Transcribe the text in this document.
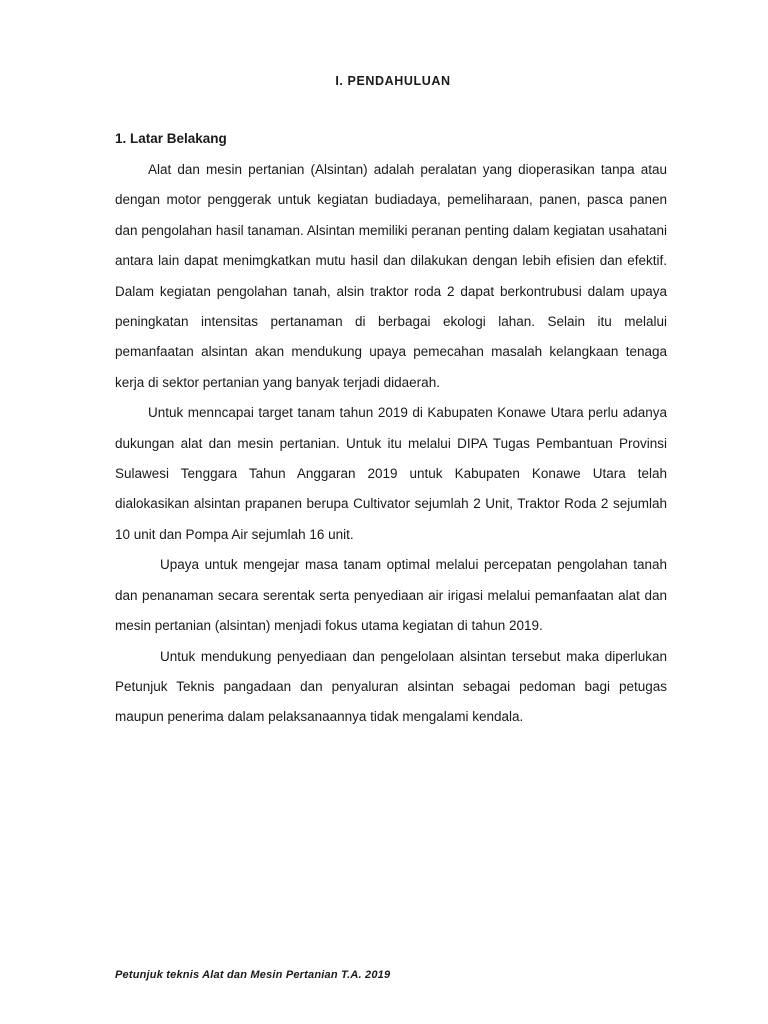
I. PENDAHULUAN
1. Latar Belakang

Alat dan mesin pertanian (Alsintan) adalah peralatan yang dioperasikan tanpa atau dengan motor penggerak untuk kegiatan budiadaya, pemeliharaan, panen, pasca panen dan pengolahan hasil tanaman. Alsintan memiliki peranan penting dalam kegiatan usahatani antara lain dapat menimgkatkan mutu hasil dan dilakukan dengan lebih efisien dan efektif. Dalam kegiatan pengolahan tanah, alsin traktor roda 2 dapat berkontrubusi dalam upaya peningkatan intensitas pertanaman di berbagai ekologi lahan. Selain itu melalui pemanfaatan alsintan akan mendukung upaya pemecahan masalah kelangkaan tenaga kerja di sektor pertanian yang banyak terjadi didaerah.

Untuk menncapai target tanam tahun 2019 di Kabupaten Konawe Utara perlu adanya dukungan alat dan mesin pertanian. Untuk itu melalui DIPA Tugas Pembantuan Provinsi Sulawesi Tenggara Tahun Anggaran 2019 untuk Kabupaten Konawe Utara telah dialokasikan alsintan prapanen berupa Cultivator sejumlah 2 Unit, Traktor Roda 2 sejumlah 10 unit dan Pompa Air sejumlah 16 unit.

Upaya untuk mengejar masa tanam optimal melalui percepatan pengolahan tanah dan penanaman secara serentak serta penyediaan air irigasi melalui pemanfaatan alat dan mesin pertanian (alsintan) menjadi fokus utama kegiatan di tahun 2019.

Untuk mendukung penyediaan dan pengelolaan alsintan tersebut maka diperlukan Petunjuk Teknis pangadaan dan penyaluran alsintan sebagai pedoman bagi petugas maupun penerima dalam pelaksanaannya tidak mengalami kendala.

Petunjuk teknis Alat dan Mesin Pertanian T.A. 2019
